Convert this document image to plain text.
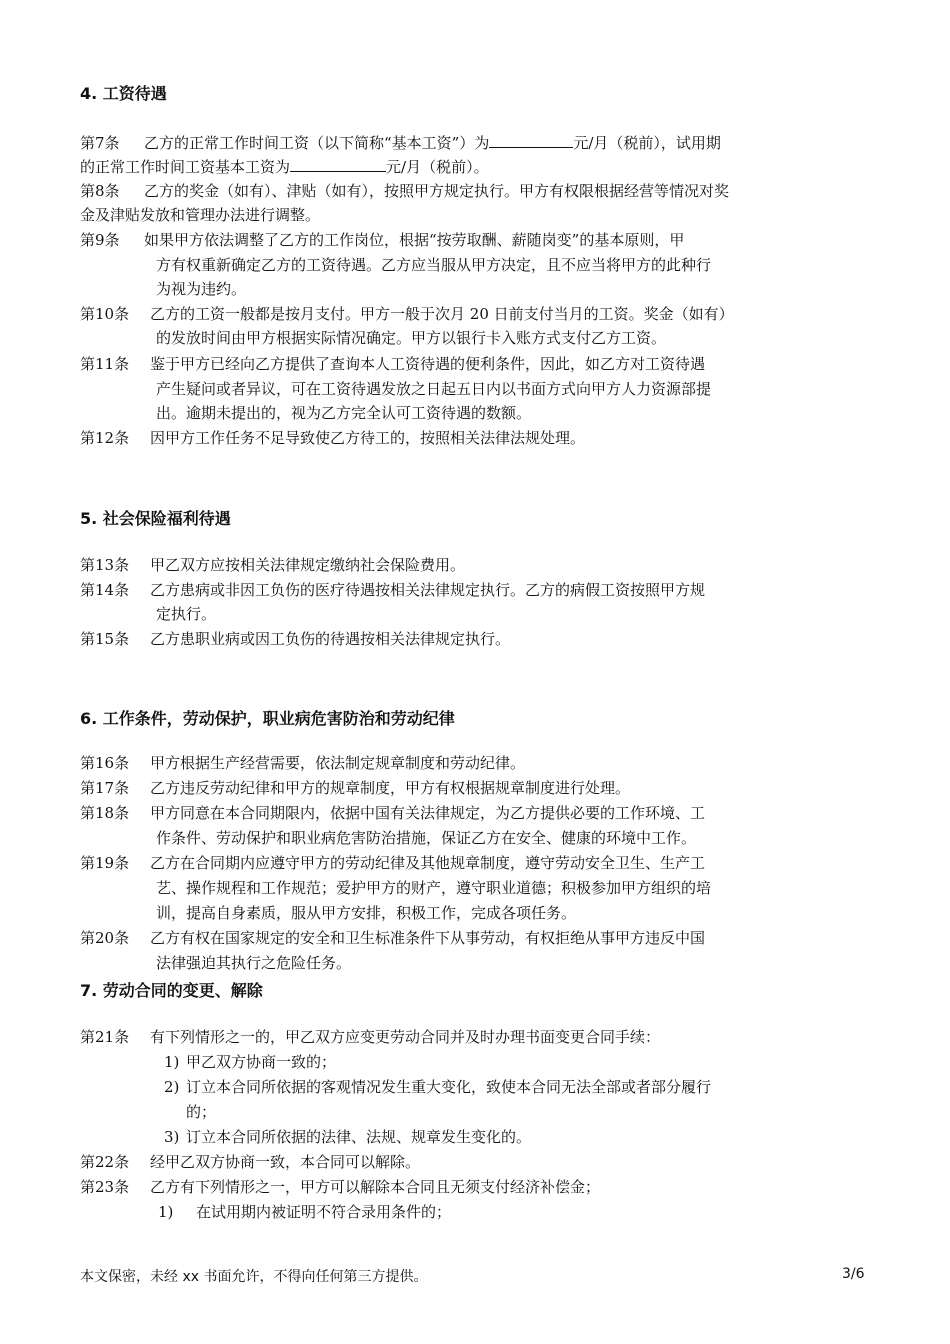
4. 工资待遇
第7条 乙方的正常工作时间工资（以下简称“基本工资”）为	元/月（税前），试用期
的正常工作时间工资基本工资为	元/月（税前）。
第8条 乙方的奖金（如有）、津贴（如有），按照甲方规定执行。甲方有权限根据经营等情况对奖
金及津贴发放和管理办法进行调整。
第9条 如果甲方依法调整了乙方的工作岗位，根据“按劳取酬、薪随岗变”的基本原则，甲
方有权重新确定乙方的工资待遇。乙方应当服从甲方决定，且不应当将甲方的此种行
为视为违约。
第10条 乙方的工资一般都是按月支付。甲方一般于次月 20 日前支付当月的工资。奖金（如有）
的发放时间由甲方根据实际情况确定。甲方以银行卡入账方式支付乙方工资。
第11条 鉴于甲方已经向乙方提供了查询本人工资待遇的便利条件，因此，如乙方对工资待遇
产生疑问或者异议，可在工资待遇发放之日起五日内以书面方式向甲方人力资源部提
出。逾期未提出的，视为乙方完全认可工资待遇的数额。
第12条 因甲方工作任务不足导致使乙方待工的，按照相关法律法规处理。
5. 社会保险福利待遇
第13条 甲乙双方应按相关法律规定缴纳社会保险费用。
第14条 乙方患病或非因工负伤的医疗待遇按相关法律规定执行。乙方的病假工资按照甲方规
定执行。
第15条 乙方患职业病或因工负伤的待遇按相关法律规定执行。
6. 工作条件，劳动保护，职业病危害防治和劳动纪律
第16条 甲方根据生产经营需要，依法制定规章制度和劳动纪律。
第17条 乙方违反劳动纪律和甲方的规章制度，甲方有权根据规章制度进行处理。
第18条 甲方同意在本合同期限内，依据中国有关法律规定，为乙方提供必要的工作环境、工
作条件、劳动保护和职业病危害防治措施，保证乙方在安全、健康的环境中工作。
第19条 乙方在合同期内应遵守甲方的劳动纪律及其他规章制度，遵守劳动安全卫生、生产工
艺、操作规程和工作规范；爱护甲方的财产，遵守职业道德；积极参加甲方组织的培
训，提高自身素质，服从甲方安排，积极工作，完成各项任务。
第20条 乙方有权在国家规定的安全和卫生标准条件下从事劳动，有权拒绝从事甲方违反中国
法律强迫其执行之危险任务。
7. 劳动合同的变更、解除
第21条 有下列情形之一的，甲乙双方应变更劳动合同并及时办理书面变更合同手续：
1) 甲乙双方协商一致的；
2) 订立本合同所依据的客观情况发生重大变化，致使本合同无法全部或者部分履行
的；
3) 订立本合同所依据的法律、法规、规章发生变化的。
第22条 经甲乙双方协商一致，本合同可以解除。
第23条 乙方有下列情形之一，甲方可以解除本合同且无须支付经济补偿金；
1) 在试用期内被证明不符合录用条件的；
本文保密，未经 xx 书面允许，不得向任何第三方提供。	3/6
